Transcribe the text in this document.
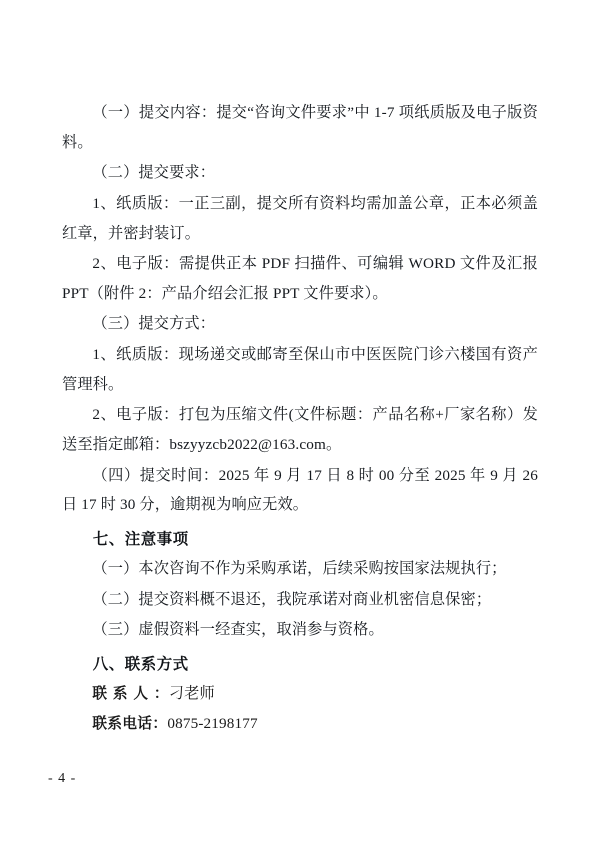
（一）提交内容：提交“咨询文件要求”中 1-7 项纸质版及电子版资料。

（二）提交要求：

1、纸质版：一正三副，提交所有资料均需加盖公章，正本必须盖红章，并密封装订。

2、电子版：需提供正本 PDF 扫描件、可编辑 WORD 文件及汇报 PPT（附件 2：产品介绍会汇报 PPT 文件要求）。

（三）提交方式：

1、纸质版：现场递交或邮寄至保山市中医医院门诊六楼国有资产管理科。

2、电子版：打包为压缩文件(文件标题：产品名称+厂家名称）发送至指定邮箱：bszyyzcb2022@163.com。

（四）提交时间：2025 年 9 月 17 日 8 时 00 分至 2025 年 9 月 26 日 17 时 30 分，逾期视为响应无效。

七、注意事项

（一）本次咨询不作为采购承诺，后续采购按国家法规执行；

（二）提交资料概不退还，我院承诺对商业机密信息保密；

（三）虚假资料一经查实，取消参与资格。

八、联系方式

联 系 人 ：刁老师

联系电话：0875-2198177

- 4 -
